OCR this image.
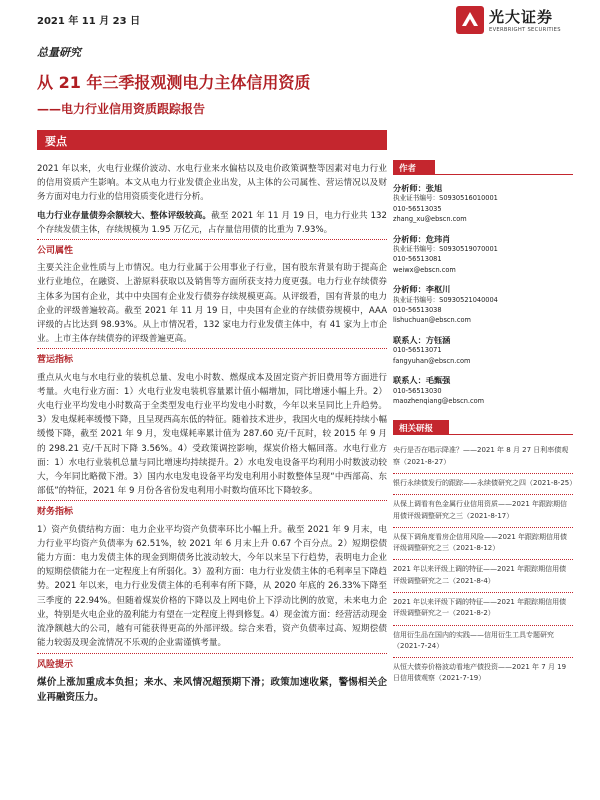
2021 年 11 月 23 日	光大证券
EVERBRIGHT SECURITIES
总量研究
从 21 年三季报观测电力主体信用资质
——电力行业信用资质跟踪报告
要点

2021 年以来，火电行业煤价波动、水电行业来水偏枯以及电价政策调整等因素对电力行业的信用资质产生影响。本文从电力行业发债企业出发，从主体的公司属性、营运情况以及财务方面对电力行业的信用资质变化进行分析。

电力行业存量债券余额较大、整体评级较高。截至 2021 年 11 月 19 日，电力行业共 132 个存续发债主体，存续规模为 1.95 万亿元，占存量信用债的比重为 7.93%。

公司属性

主要关注企业性质与上市情况。电力行业属于公用事业子行业，国有股东背景有助于提高企业行业地位，在融资、上游原料获取以及销售等方面所获支持力度更强。电力行业存续债券主体多为国有企业，其中中央国有企业发行债券存续规模更高。从评级看，国有背景的电力企业的评级普遍较高。截至 2021 年 11 月 19 日，中央国有企业的存续债券规模中，AAA 评级的占比达到 98.93%。从上市情况看，132 家电力行业发债主体中，有 41 家为上市企业。上市主体存续债券的评级普遍更高。

营运指标

重点从火电与水电行业的装机总量、发电小时数、燃煤成本及固定资产折旧费用等方面进行考量。火电行业方面：1）火电行业发电装机容量累计值小幅增加，同比增速小幅上升。2）火电行业平均发电小时数高于全类型发电行业平均发电小时数，今年以来呈同比上升趋势。3）发电煤耗率缓慢下降，且呈现西高东低的特征。随着技术进步，我国火电的煤耗持续小幅缓慢下降，截至 2021 年 9 月，发电煤耗率累计值为 287.60 克/千瓦时，较 2015 年 9 月的 298.21 克/千瓦时下降 3.56%。4）受政策调控影响，煤炭价格大幅回落。水电行业方面：1）水电行业装机总量与同比增速均持续提升。2）水电发电设备平均利用小时数波动较大，今年同比略微下滑。3）国内水电发电设备平均发电利用小时数整体呈现“中西部高、东部低”的特征，2021 年 9 月份各省份发电利用小时数均值环比下降较多。

财务指标

1）资产负债结构方面：电力企业平均资产负债率环比小幅上升。截至 2021 年 9 月末，电力行业平均资产负债率为 62.51%，较 2021 年 6 月末上升 0.67 个百分点。2）短期偿债能力方面：电力发债主体的现金到期债务比波动较大，今年以来呈下行趋势，表明电力企业的短期偿债能力在一定程度上有所弱化。3）盈利方面：电力行业发债主体的毛利率呈下降趋势。2021 年以来，电力行业发债主体的毛利率有所下降，从 2020 年底的 26.33%下降至三季度的 22.94%。但随着煤炭价格的下降以及上网电价上下浮动比例的放宽，未来电力企业，特别是火电企业的盈利能力有望在一定程度上得到修复。4）现金流方面：经营活动现金流净额越大的公司，越有可能获得更高的外部评级。综合来看，资产负债率过高、短期偿债能力较弱及现金流情况不乐观的企业需谨慎考量。

风险提示

煤价上涨加重成本负担；来水、来风情况超预期下滑；政策加速收紧，警惕相关企业再融资压力。

作者
分析师：张旭
执业证书编号：S0930516010001
010-56513035
zhang_xu@ebscn.com
分析师：危玮肖
执业证书编号：S0930519070001
010-56513081
weiwx@ebscn.com
分析师：李枢川
执业证书编号：S0930521040004
010-56513038
lishuchuan@ebscn.com
联系人：方钰涵
010-56513071
fangyuhan@ebscn.com
联系人：毛甄强
010-56513030
maozhenqiang@ebscn.com
相关研报
央行是否在唱示降准？——2021 年 8 月 27 日利率债观察（2021-8-27）
银行永续债发行的跟踪——永续债研究之四（2021-8-25）
从保上调看有色金属行业信用资质——2021 年跟踪期信用债评级调整研究之三（2021-8-17）
从保下调角度看房企信用风险——2021 年跟踪期信用债评级调整研究之三（2021-8-12）
2021 年以来评级上调的特征——2021 年跟踪期信用债评级调整研究之二（2021-8-4）
2021 年以来评级下调的特征——2021 年跟踪期信用债评级调整研究之一（2021-8-2）
信用衍生品在国内的实践——信用衍生工具专题研究（2021-7-24）
从恒大债券价格波动看地产债投资——2021 年 7 月 19 日信用债观察（2021-7-19）
